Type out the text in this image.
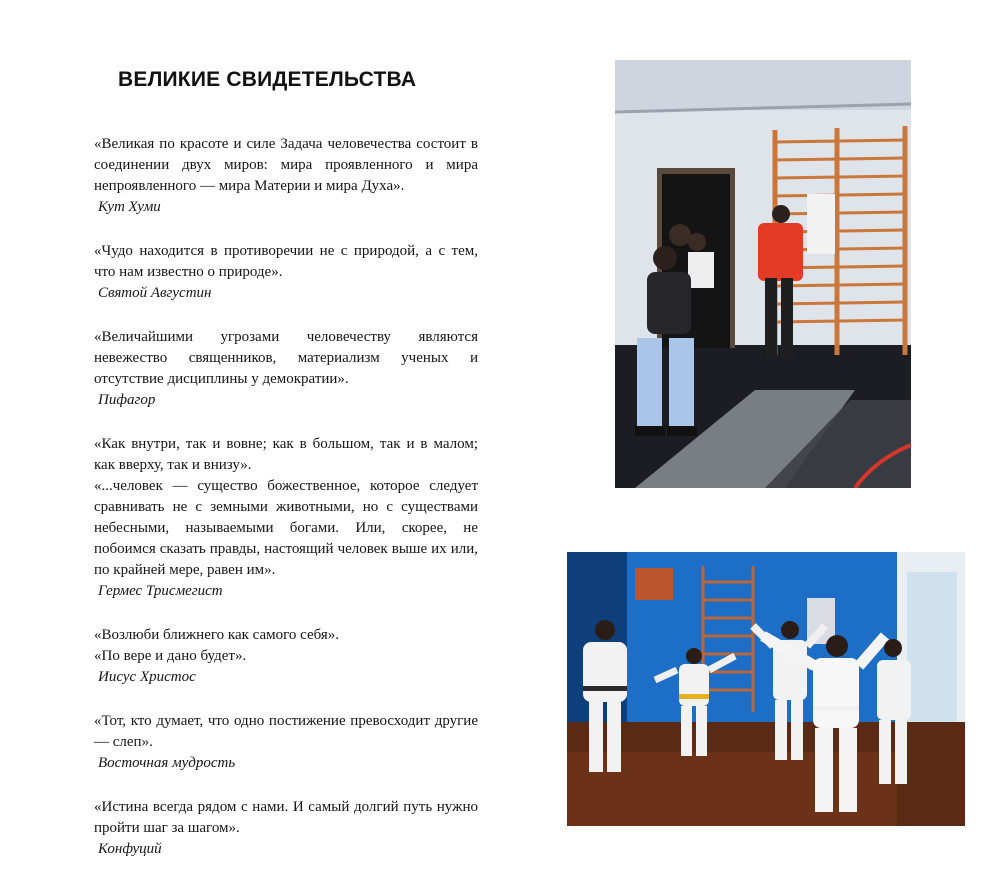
ВЕЛИКИЕ СВИДЕТЕЛЬСТВА

«Великая по красоте и силе Задача человечества состоит в соединении двух миров: мира проявленного и мира непроявленного — мира Материи и мира Духа».

Кут Хуми

«Чудо находится в противоречии не с природой, а с тем, что нам известно о природе».

Святой Августин

«Величайшими угрозами человечеству являются невежество священников, материализм ученых и отсутствие дисциплины у демократии».

Пифагор

«Как внутри, так и вовне; как в большом, так и в малом; как вверху, так и внизу».

«...человек — существо божественное, которое следует сравнивать не с земными животными, но с существами небесными, называемыми богами. Или, скорее, не побоимся сказать правды, настоящий человек выше их или, по крайней мере, равен им».

Гермес Трисмегист

«Возлюби ближнего как самого себя».

«По вере и дано будет».

Иисус Христос

«Тот, кто думает, что одно постижение превосходит другие — слеп».

Восточная мудрость

«Истина всегда рядом с нами. И самый долгий путь нужно пройти шаг за шагом».

Конфуций
